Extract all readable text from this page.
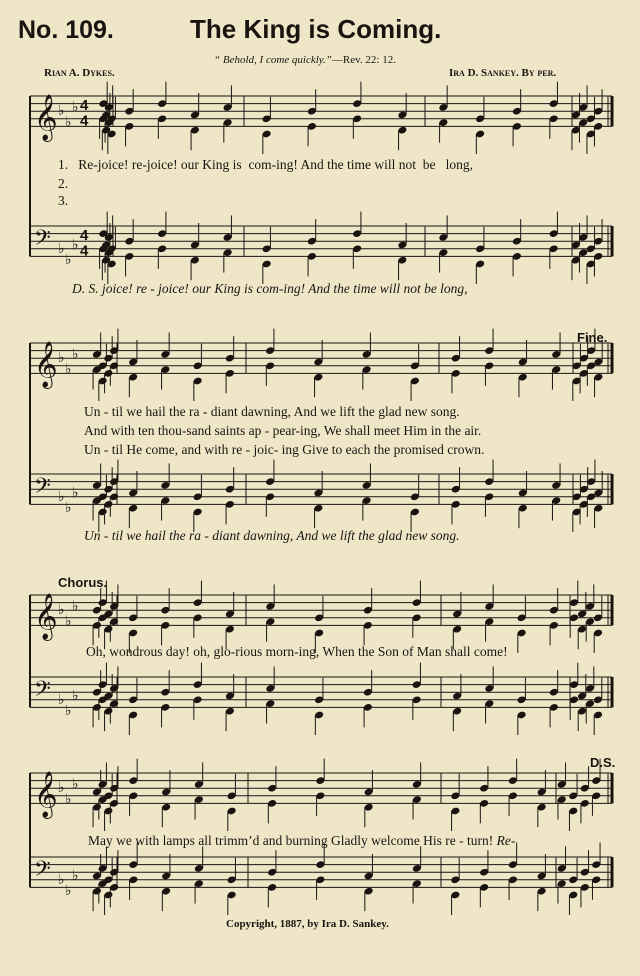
𝄞 ♭
♭
♭ 4
4
𝄢 ♭
♭
♭
4
4
𝄞 ♭
♭
♭
𝄢 ♭
♭
♭
𝄞 ♭
♭
♭
𝄢 ♭
♭
♭
𝄞 ♭
♭
♭
𝄢 ♭
♭
♭
No. 109.	The King is Coming.
“ Behold, I come quickly.”—Rev. 22: 12.
Rian A. Dykes.	Ira D. Sankey. By per.
1. Re-joice! re-joice! our King is com-ing! And the time will not be long,
2.
3.
D. S. joice! re - joice! our King is com-ing! And the time will not be long,
Fine.
Un - til we hail the ra - diant dawning, And we lift the glad new song.
And with ten thou-sand saints ap - pear-ing, We shall meet Him in the air.
Un - til He come, and with re - joic- ing Give to each the promised crown.
Un - til we hail the ra - diant dawning, And we lift the glad new song.
Chorus.
Oh, wondrous day! oh, glo-rious morn-ing, When the Son of Man shall come!
D.S.
May we with lamps all trimm’d and burning Gladly welcome His re - turn! Re-
Copyright, 1887, by Ira D. Sankey.
